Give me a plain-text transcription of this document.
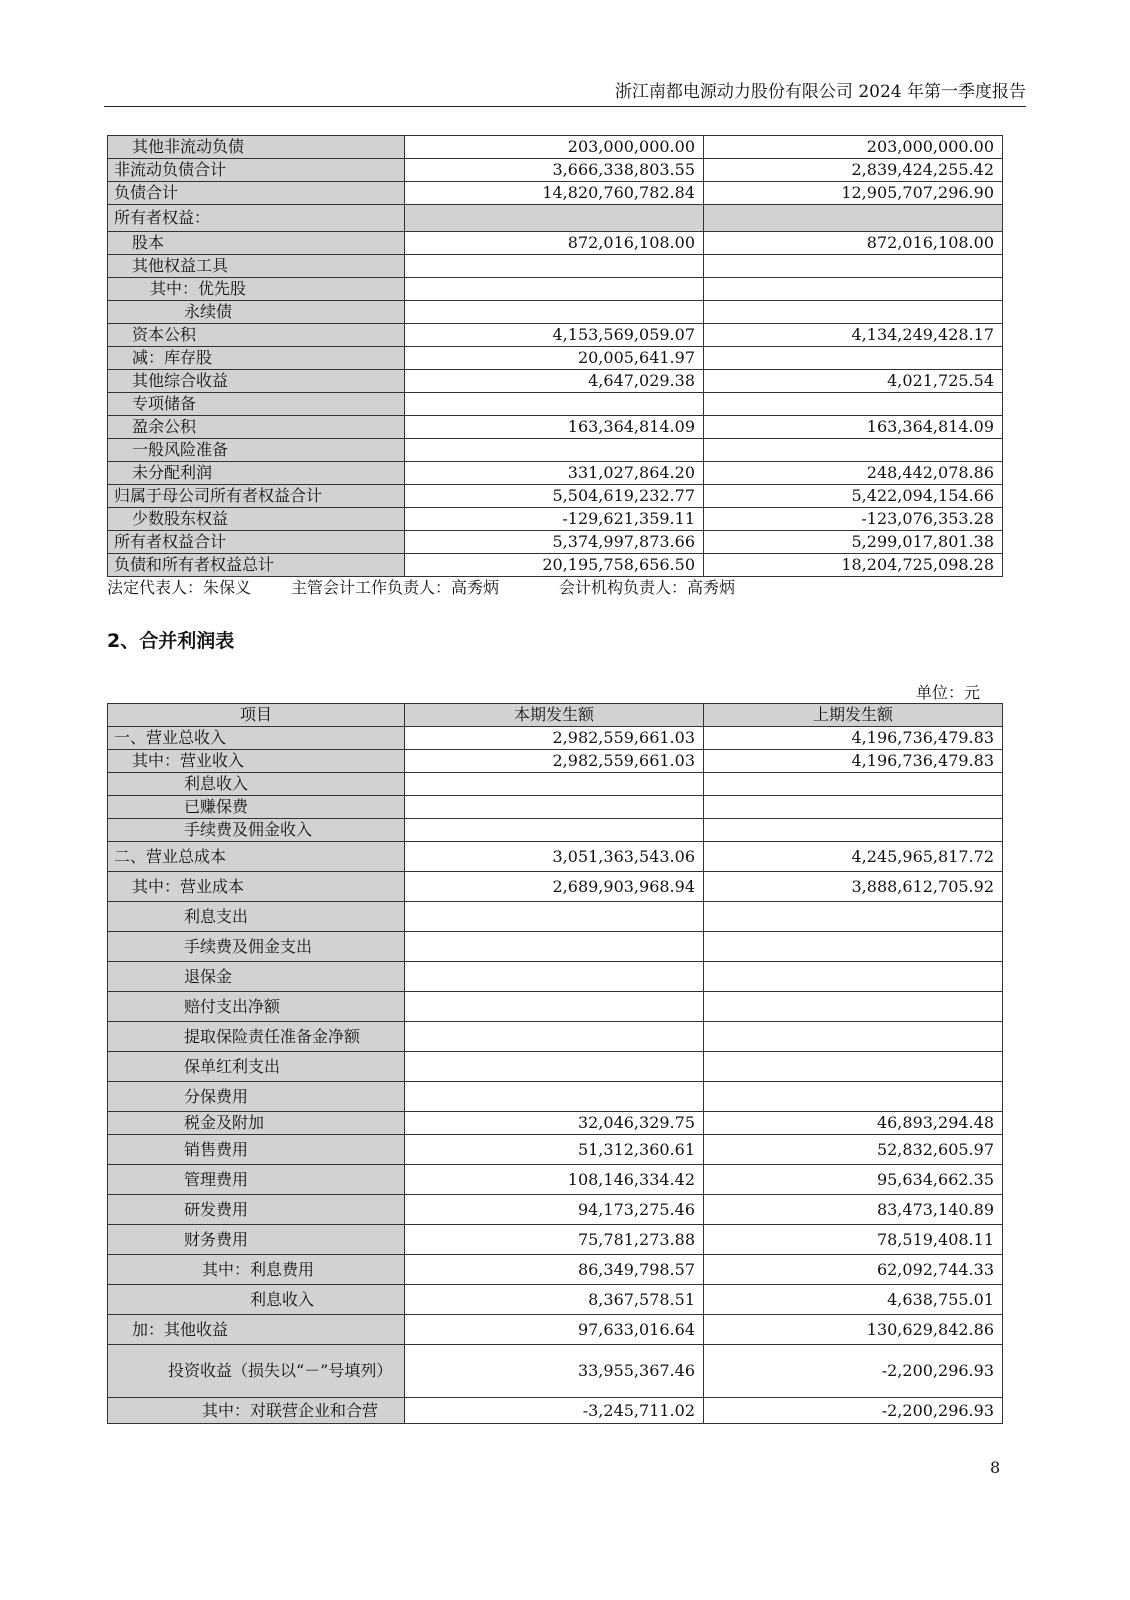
浙江南都电源动力股份有限公司 2024 年第一季度报告
其他非流动负债	203,000,000.00	203,000,000.00
非流动负债合计	3,666,338,803.55	2,839,424,255.42
负债合计	14,820,760,782.84	12,905,707,296.90
所有者权益：		
股本	872,016,108.00	872,016,108.00
其他权益工具		
其中：优先股		
永续债		
资本公积	4,153,569,059.07	4,134,249,428.17
减：库存股	20,005,641.97	
其他综合收益	4,647,029.38	4,021,725.54
专项储备		
盈余公积	163,364,814.09	163,364,814.09
一般风险准备		
未分配利润	331,027,864.20	248,442,078.86
归属于母公司所有者权益合计	5,504,619,232.77	5,422,094,154.66
少数股东权益	-129,621,359.11	-123,076,353.28
所有者权益合计	5,374,997,873.66	5,299,017,801.38
负债和所有者权益总计	20,195,758,656.50	18,204,725,098.28
法定代表人：朱保义 主管会计工作负责人：高秀炳	会计机构负责人：高秀炳
2、合并利润表
单位：元
项目	本期发生额	上期发生额
一、营业总收入	2,982,559,661.03	4,196,736,479.83
其中：营业收入	2,982,559,661.03	4,196,736,479.83
利息收入		
已赚保费		
手续费及佣金收入		
二、营业总成本	3,051,363,543.06	4,245,965,817.72
其中：营业成本	2,689,903,968.94	3,888,612,705.92
利息支出		
手续费及佣金支出		
退保金		
赔付支出净额		
提取保险责任准备金净额		
保单红利支出		
分保费用		
税金及附加	32,046,329.75	46,893,294.48
销售费用	51,312,360.61	52,832,605.97
管理费用	108,146,334.42	95,634,662.35
研发费用	94,173,275.46	83,473,140.89
财务费用	75,781,273.88	78,519,408.11
其中：利息费用	86,349,798.57	62,092,744.33
利息收入	8,367,578.51	4,638,755.01
加：其他收益	97,633,016.64	130,629,842.86
投资收益（损失以“－”号填列）	33,955,367.46	-2,200,296.93
其中：对联营企业和合营	-3,245,711.02	-2,200,296.93
8
